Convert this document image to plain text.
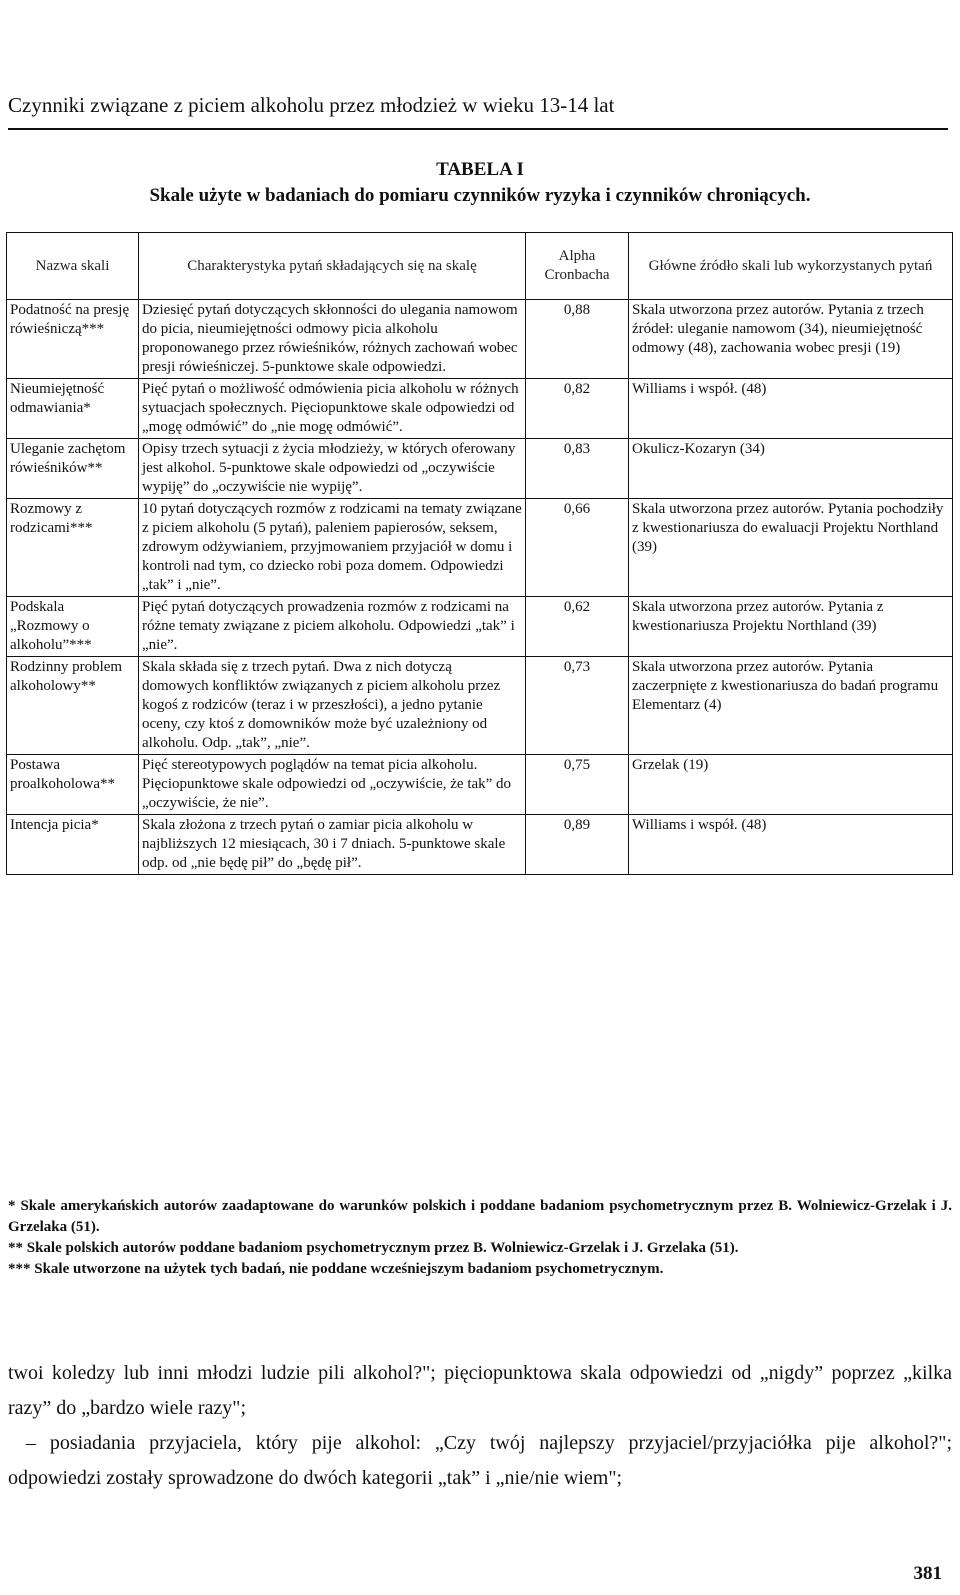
Czynniki związane z piciem alkoholu przez młodzież w wieku 13-14 lat
TABELA I
Skale użyte w badaniach do pomiaru czynników ryzyka i czynników chroniących.
Nazwa skali	Charakterystyka pytań składających się na skalę	Alpha Cronbacha	Główne źródło skali lub wykorzystanych pytań
Podatność na presję rówieśniczą***	Dziesięć pytań dotyczących skłonności do ulegania namowom do picia, nieumiejętności odmowy picia alkoholu proponowanego przez rówieśników, różnych zachowań wobec presji rówieśniczej. 5-punktowe skale odpowiedzi.	0,88	Skala utworzona przez autorów. Pytania z trzech źródeł: uleganie namowom (34), nieumiejętność odmowy (48), zachowania wobec presji (19)
Nieumiejętność odmawiania*	Pięć pytań o możliwość odmówienia picia alkoholu w różnych sytuacjach społecznych. Pięciopunktowe skale odpowiedzi od „mogę odmówić” do „nie mogę odmówić”.	0,82	Williams i współ. (48)
Uleganie zachętom rówieśników**	Opisy trzech sytuacji z życia młodzieży, w których oferowany jest alkohol. 5-punktowe skale odpowiedzi od „oczywiście wypiję” do „oczywiście nie wypiję”.	0,83	Okulicz-Kozaryn (34)
Rozmowy z rodzicami***	10 pytań dotyczących rozmów z rodzicami na tematy związane z piciem alkoholu (5 pytań), paleniem papierosów, seksem, zdrowym odżywianiem, przyjmowaniem przyjaciół w domu i kontroli nad tym, co dziecko robi poza domem. Odpowiedzi „tak” i „nie”.	0,66	Skala utworzona przez autorów. Pytania pochodziły z kwestionariusza do ewaluacji Projektu Northland (39)
Podskala „Rozmowy o alkoholu”***	Pięć pytań dotyczących prowadzenia rozmów z rodzicami na różne tematy związane z piciem alkoholu. Odpowiedzi „tak” i „nie”.	0,62	Skala utworzona przez autorów. Pytania z kwestionariusza Projektu Northland (39)
Rodzinny problem alkoholowy**	Skala składa się z trzech pytań. Dwa z nich dotyczą domowych konfliktów związanych z piciem alkoholu przez kogoś z rodziców (teraz i w przeszłości), a jedno pytanie oceny, czy ktoś z domowników może być uzależniony od alkoholu. Odp. „tak”, „nie”.	0,73	Skala utworzona przez autorów. Pytania zaczerpnięte z kwestionariusza do badań programu Elementarz (4)
Postawa proalkoholowa**	Pięć stereotypowych poglądów na temat picia alkoholu. Pięciopunktowe skale odpowiedzi od „oczywiście, że tak” do „oczywiście, że nie”.	0,75	Grzelak (19)
Intencja picia*	Skala złożona z trzech pytań o zamiar picia alkoholu w najbliższych 12 miesiącach, 30 i 7 dniach. 5-punktowe skale odp. od „nie będę pił” do „będę pił”.	0,89	Williams i współ. (48)

* Skale amerykańskich autorów zaadaptowane do warunków polskich i poddane badaniom psychometrycznym przez B. Wolniewicz-Grzelak i J. Grzelaka (51).

** Skale polskich autorów poddane badaniom psychometrycznym przez B. Wolniewicz-Grzelak i J. Grzelaka (51).

*** Skale utworzone na użytek tych badań, nie poddane wcześniejszym badaniom psychometrycznym.

twoi koledzy lub inni młodzi ludzie pili alkohol?"; pięciopunktowa skala odpowiedzi od „nigdy” poprzez „kilka razy” do „bardzo wiele razy";

– posiadania przyjaciela, który pije alkohol: „Czy twój najlepszy przyjaciel/przyjaciółka pije alkohol?"; odpowiedzi zostały sprowadzone do dwóch kategorii „tak” i „nie/nie wiem";

381
